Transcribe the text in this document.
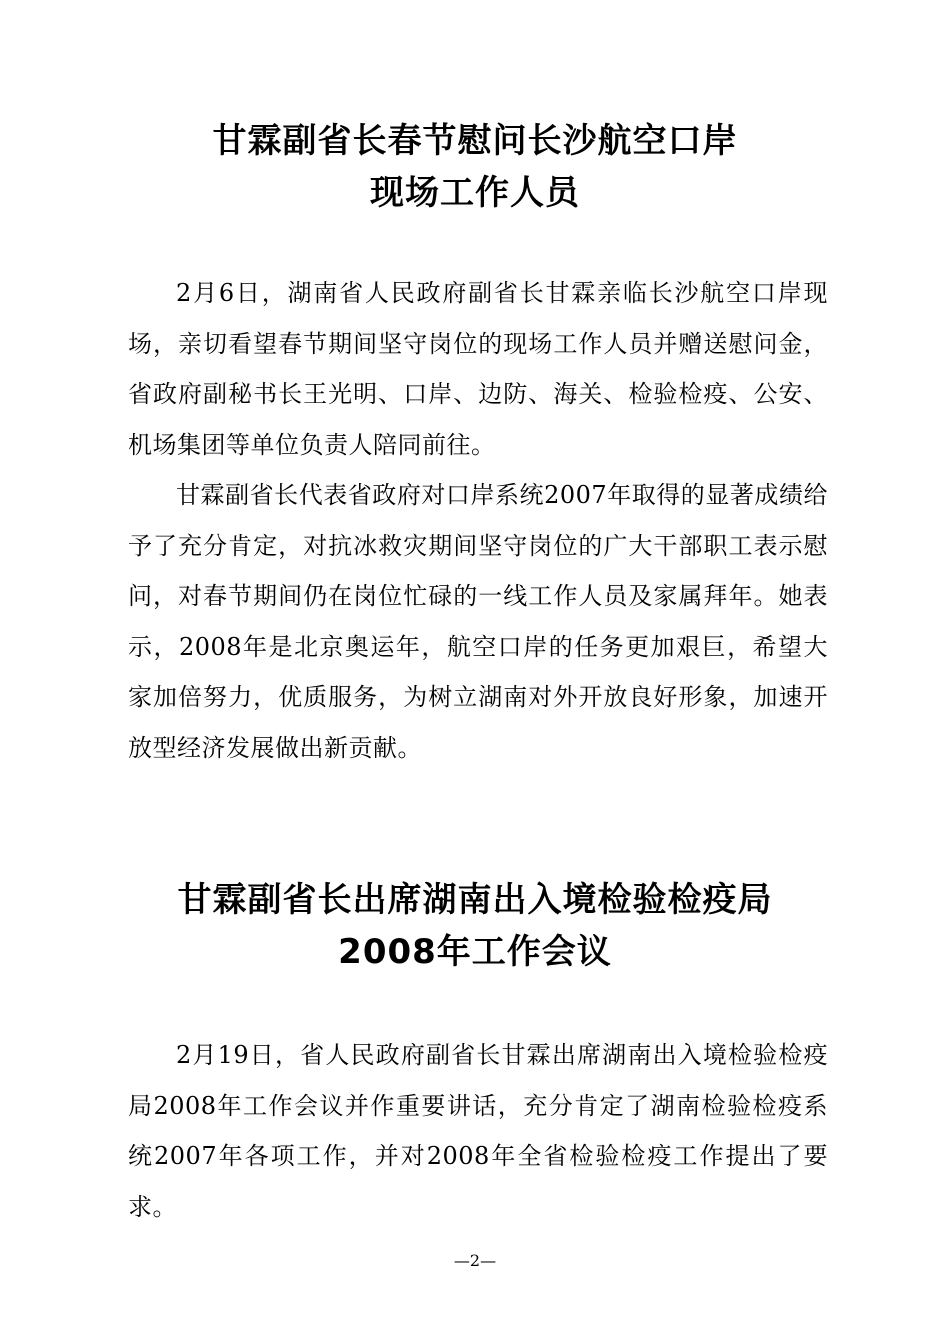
甘霖副省长春节慰问长沙航空口岸
现场工作人员

2月6日，湖南省人民政府副省长甘霖亲临长沙航空口岸现场，亲切看望春节期间坚守岗位的现场工作人员并赠送慰问金，省政府副秘书长王光明、口岸、边防、海关、检验检疫、公安、机场集团等单位负责人陪同前往。

甘霖副省长代表省政府对口岸系统2007年取得的显著成绩给予了充分肯定，对抗冰救灾期间坚守岗位的广大干部职工表示慰问，对春节期间仍在岗位忙碌的一线工作人员及家属拜年。她表示，2008年是北京奥运年，航空口岸的任务更加艰巨，希望大家加倍努力，优质服务，为树立湖南对外开放良好形象，加速开放型经济发展做出新贡献。

甘霖副省长出席湖南出入境检验检疫局
2008年工作会议

2月19日，省人民政府副省长甘霖出席湖南出入境检验检疫局2008年工作会议并作重要讲话，充分肯定了湖南检验检疫系统2007年各项工作，并对2008年全省检验检疫工作提出了要求。

—2—
